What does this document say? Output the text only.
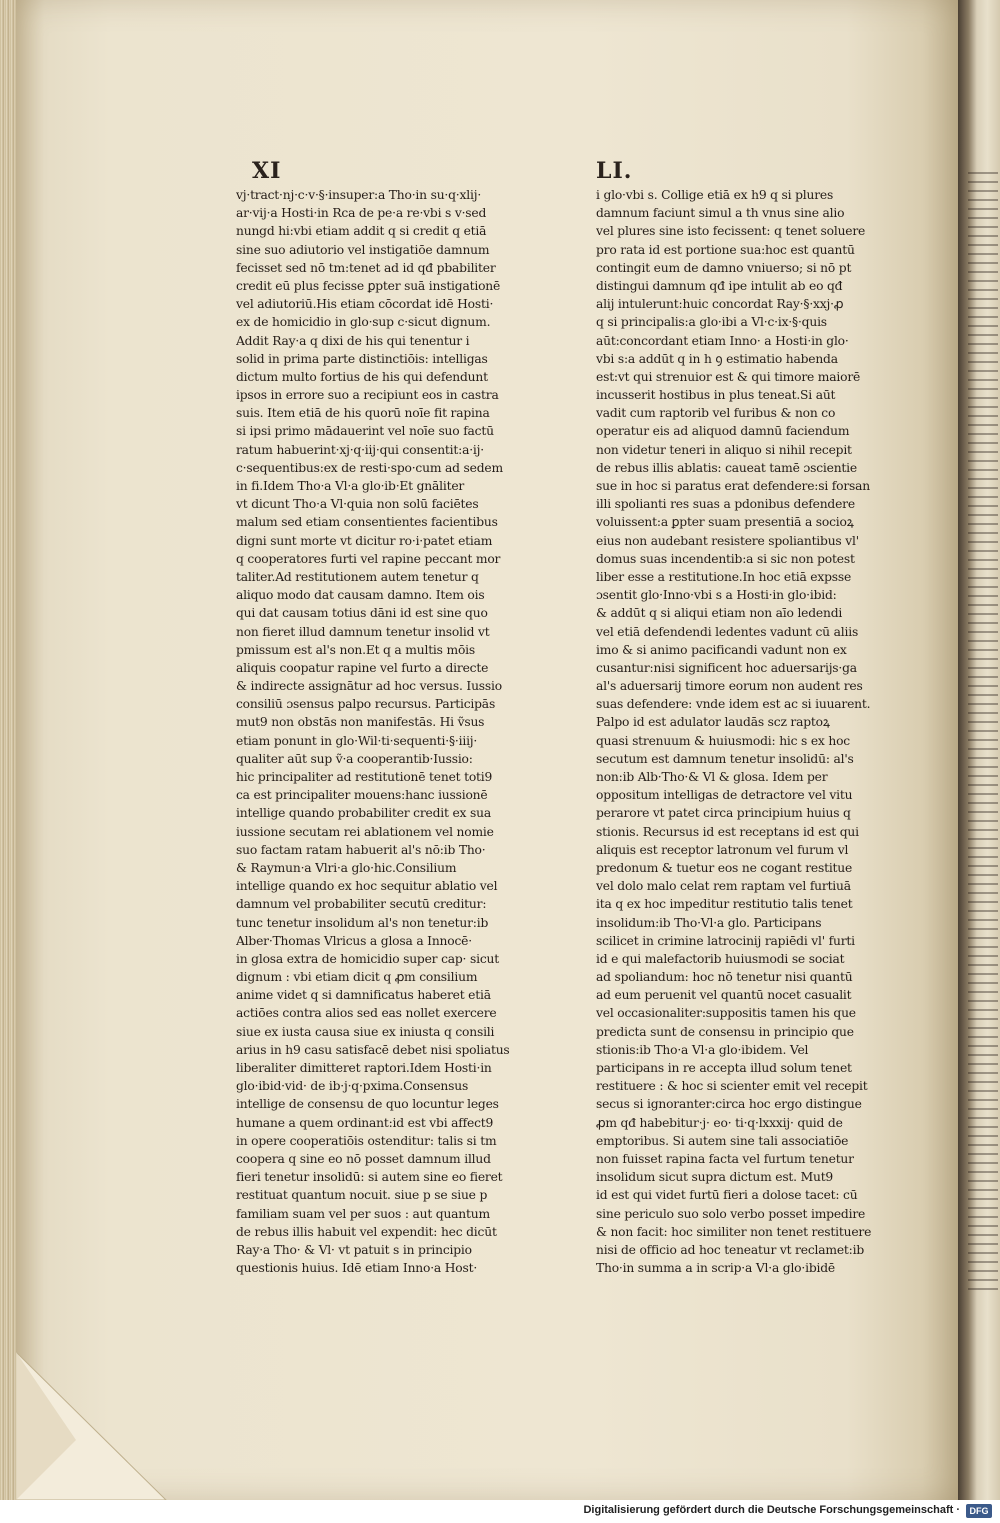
XI	LI.
vj·tract·nj·c·v·§·insuper:a Tho·in su·q·xlij·
ar·vij·a Hosti·in Rca de pe·a re·vbi s v·sed
nungd hi:vbi etiam addit q si credit q etiā
sine suo adiutorio vel instigatiōe damnum
fecisset sed nō tm:tenet ad id qđ pbabiliter
credit eū plus fecisse ꝑpter suā instigationē
vel adiutoriū.His etiam cōcordat idē Hosti·
ex de homicidio in glo·sup c·sicut dignum.
Addit Ray·a q dixi de his qui tenentur i
solid in prima parte distinctiōis: intelligas
dictum multo fortius de his qui defendunt
ipsos in errore suo a recipiunt eos in castra
suis. Item etiā de his quorū noīe fit rapina
si ipsi primo mādauerint vel noīe suo factū
ratum habuerint·xj·q·iij·qui consentit:a·ij·
c·sequentibus:ex de resti·spo·cum ad sedem
in fi.Idem Tho·a Vl·a glo·ib·Et gnāliter
vt dicunt Tho·a Vl·quia non solū faciētes
malum sed etiam consentientes facientibus
digni sunt morte vt dicitur ro·i·patet etiam
q cooperatores furti vel rapine peccant mor
taliter.Ad restitutionem autem tenetur q
aliquo modo dat causam damno. Item ois
qui dat causam totius dāni id est sine quo
non fieret illud damnum tenetur insolid vt
pmissum est al's non.Et q a multis mōis
aliquis coopatur rapine vel furto a directe
& indirecte assignātur ad hoc versus. Iussio
consiliū ɔsensus palpo recursus. Participās
mut9 non obstās non manifestās. Hi ṽsus
etiam ponunt in glo·Wil·ti·sequenti·§·iiij·
qualiter aūt sup ṽ·a cooperantib·Iussio:
hic principaliter ad restitutionē tenet toti9
ca est principaliter mouens:hanc iussionē
intellige quando probabiliter credit ex sua
iussione secutam rei ablationem vel nomie
suo factam ratam habuerit al's nō:ib Tho·
& Raymun·a Vlri·a glo·hic.Consilium
intellige quando ex hoc sequitur ablatio vel
damnum vel probabiliter secutū creditur:
tunc tenetur insolidum al's non tenetur:ib
Alber·Thomas Vlricus a glosa a Innocē·
in glosa extra de homicidio super cap· sicut
dignum : vbi etiam dicit q ꝓm consilium
anime videt q si damnificatus haberet etiā
actiōes contra alios sed eas nollet exercere
siue ex iusta causa siue ex iniusta q consili
arius in h9 casu satisfacē debet nisi spoliatus
liberaliter dimitteret raptori.Idem Hosti·in
glo·ibid·vid· de ib·j·q·pxima.Consensus
intellige de consensu de quo locuntur leges
humane a quem ordinant:id est vbi affect9
in opere cooperatiōis ostenditur: talis si tm
coopera q sine eo nō posset damnum illud
fieri tenetur insolidū: si autem sine eo fieret
restituat quantum nocuit. siue p se siue p
familiam suam vel per suos : aut quantum
de rebus illis habuit vel expendit: hec dicūt
Ray·a Tho· & Vl· vt patuit s in principio
questionis huius. Idē etiam Inno·a Host·
i glo·vbi s. Collige etiā ex h9 q si plures
damnum faciunt simul a th vnus sine alio
vel plures sine isto fecissent: q tenet soluere
pro rata id est portione sua:hoc est quantū
contingit eum de damno vniuerso; si nō pt
distingui damnum qđ ipe intulit ab eo qđ
alij intulerunt:huic concordat Ray·§·xxj·ꝓ
q si principalis:a glo·ibi a Vl·c·ix·§·quis
aūt:concordant etiam Inno· a Hosti·in glo·
vbi s:a addūt q in h ꝯ estimatio habenda
est:vt qui strenuior est & qui timore maiorē
incusserit hostibus in plus teneat.Si aūt
vadit cum raptorib vel furibus & non co
operatur eis ad aliquod damnū faciendum
non videtur teneri in aliquo si nihil recepit
de rebus illis ablatis: caueat tamē ɔscientie
sue in hoc si paratus erat defendere:si forsan
illi spolianti res suas a pdonibus defendere
voluissent:a ꝑpter suam presentiā a socioꝝ
eius non audebant resistere spoliantibus vl'
domus suas incendentib:a si sic non potest
liber esse a restitutione.In hoc etiā expsse
ɔsentit glo·Inno·vbi s a Hosti·in glo·ibid:
& addūt q si aliqui etiam non aīo ledendi
vel etiā defendendi ledentes vadunt cū aliis
imo & si animo pacificandi vadunt non ex
cusantur:nisi significent hoc aduersarijs·ga
al's aduersarij timore eorum non audent res
suas defendere: vnde idem est ac si iuuarent.
Palpo id est adulator laudās scz raptoꝝ
quasi strenuum & huiusmodi: hic s ex hoc
secutum est damnum tenetur insolidū: al's
non:ib Alb·Tho·& Vl & glosa. Idem per
oppositum intelligas de detractore vel vitu
perarore vt patet circa principium huius q
stionis. Recursus id est receptans id est qui
aliquis est receptor latronum vel furum vl
predonum & tuetur eos ne cogant restitue
vel dolo malo celat rem raptam vel furtiuā
ita q ex hoc impeditur restitutio talis tenet
insolidum:ib Tho·Vl·a glo. Participans
scilicet in crimine latrocinij rapiēdi vl' furti
id e qui malefactorib huiusmodi se sociat
ad spoliandum: hoc nō tenetur nisi quantū
ad eum peruenit vel quantū nocet casualit
vel occasionaliter:suppositis tamen his que
predicta sunt de consensu in principio que
stionis:ib Tho·a Vl·a glo·ibidem. Vel
participans in re accepta illud solum tenet
restituere : & hoc si scienter emit vel recepit
secus si ignoranter:circa hoc ergo distingue
ꝓm qđ habebitur·j· eo· ti·q·lxxxij· quid de
emptoribus. Si autem sine tali associatiōe
non fuisset rapina facta vel furtum tenetur
insolidum sicut supra dictum est. Mut9
id est qui videt furtū fieri a dolose tacet: cū
sine periculo suo solo verbo posset impedire
& non facit: hoc similiter non tenet restituere
nisi de officio ad hoc teneatur vt reclamet:ib
Tho·in summa a in scrip·a Vl·a glo·ibidē
Digitalisierung gefördert durch die Deutsche Forschungsgemeinschaft ·	DFG
